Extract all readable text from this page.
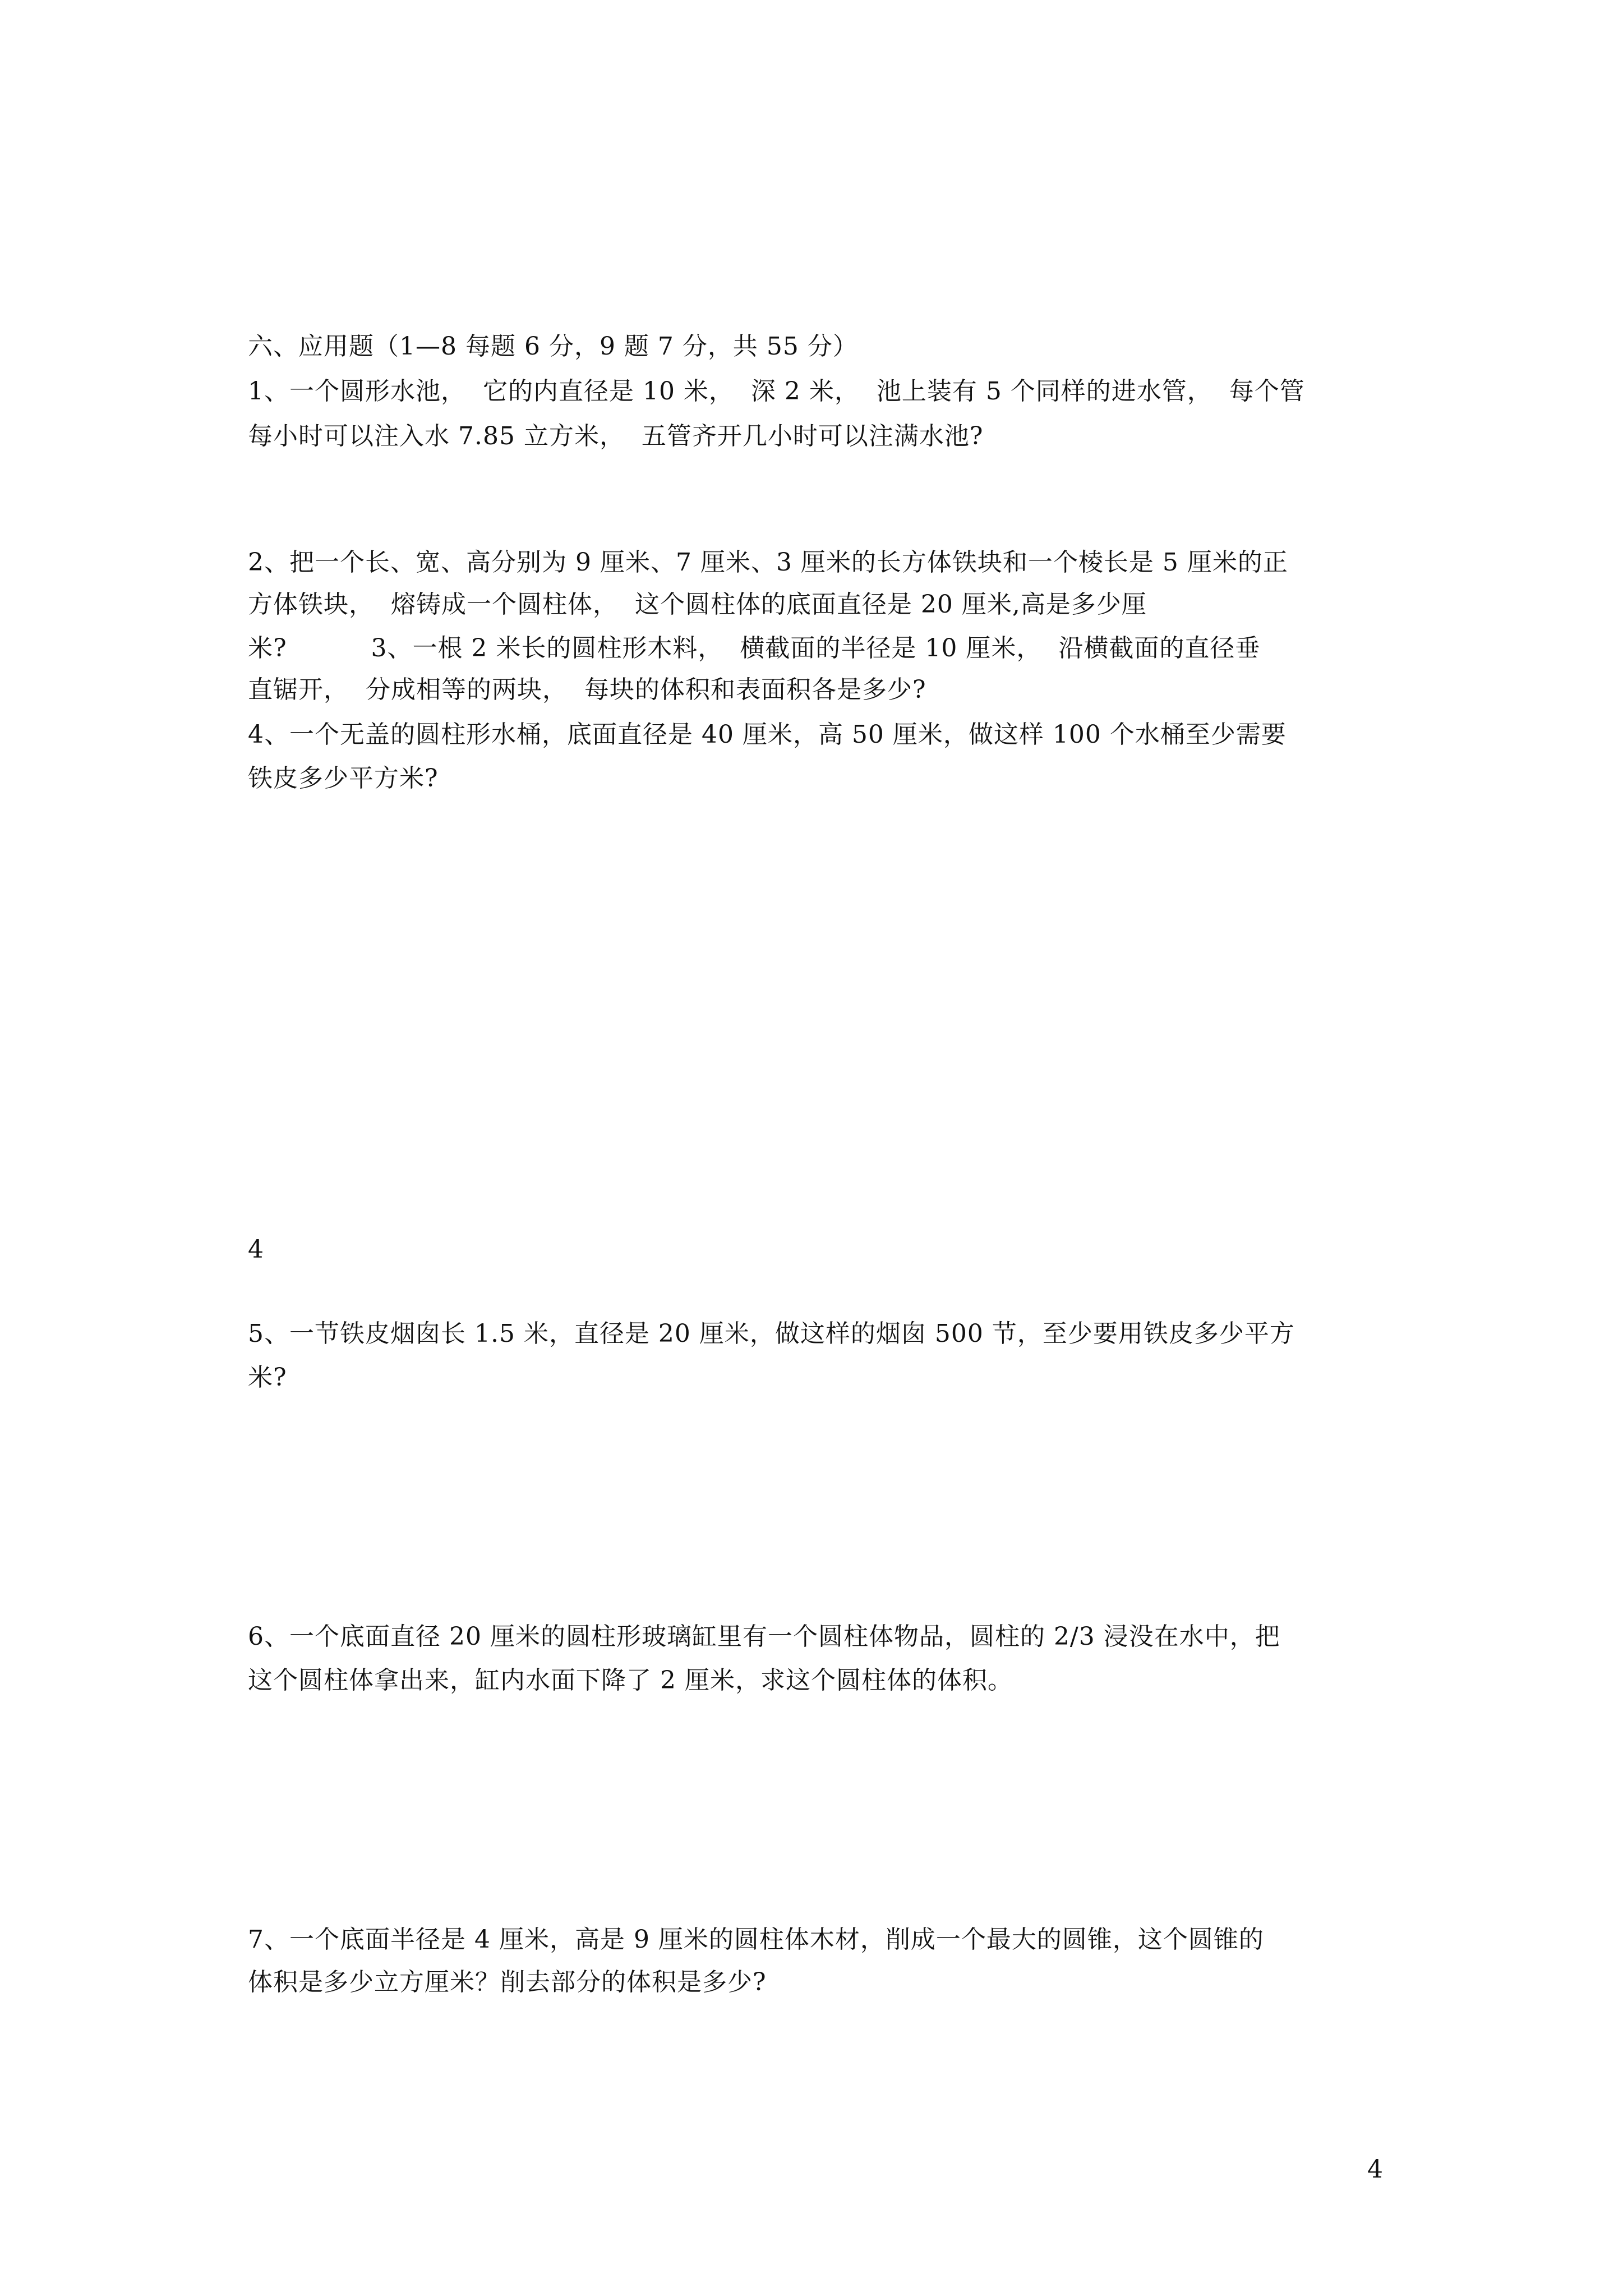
六、应用题（1—8 每题 6 分，9 题 7 分，共 55 分）
1、一个圆形水池，  它的内直径是 10 米，  深 2 米，  池上装有 5 个同样的进水管，  每个管
每小时可以注入水 7.85 立方米，  五管齐开几小时可以注满水池?
2、把一个长、宽、高分别为 9 厘米、7 厘米、3 厘米的长方体铁块和一个棱长是 5 厘米的正
方体铁块，  熔铸成一个圆柱体，  这个圆柱体的底面直径是 20 厘米,高是多少厘
米?          3、一根 2 米长的圆柱形木料，  横截面的半径是 10 厘米，  沿横截面的直径垂
直锯开，  分成相等的两块，  每块的体积和表面积各是多少?
4、一个无盖的圆柱形水桶，底面直径是 40 厘米，高 50 厘米，做这样 100 个水桶至少需要
铁皮多少平方米?
4
5、一节铁皮烟囱长 1.5 米，直径是 20 厘米，做这样的烟囱 500 节，至少要用铁皮多少平方
米?
6、一个底面直径 20 厘米的圆柱形玻璃缸里有一个圆柱体物品，圆柱的 2/3 浸没在水中，把
这个圆柱体拿出来，缸内水面下降了 2 厘米，求这个圆柱体的体积。
7、一个底面半径是 4 厘米，高是 9 厘米的圆柱体木材，削成一个最大的圆锥，这个圆锥的
体积是多少立方厘米？削去部分的体积是多少?
4
